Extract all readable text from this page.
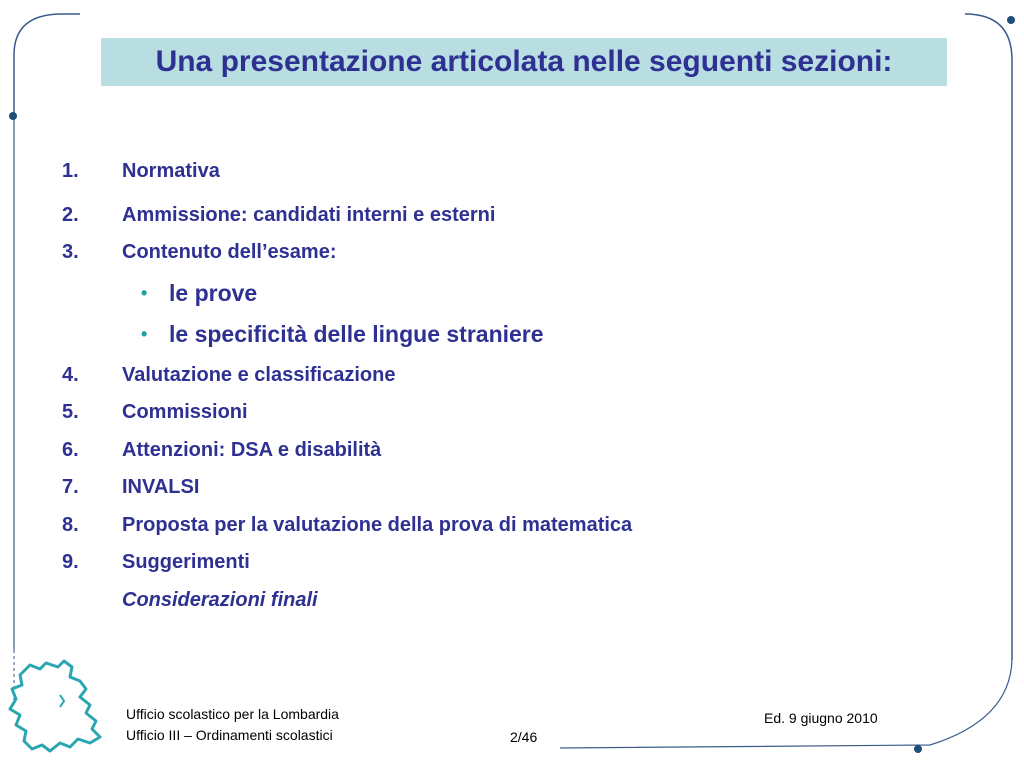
Una presentazione articolata nelle seguenti sezioni:
1.	Normativa
2.	Ammissione: candidati interni e esterni
3.	Contenuto dell’esame:
• le prove
• le specificità delle lingue straniere
4.	Valutazione e classificazione
5.	Commissioni
6.	Attenzioni: DSA e disabilità
7.	INVALSI
8.	Proposta per la valutazione della prova di matematica
9.	Suggerimenti
Considerazioni finali
Ufficio scolastico per la Lombardia
Ufficio III – Ordinamenti scolastici	2/46
Ed. 9 giugno 2010
